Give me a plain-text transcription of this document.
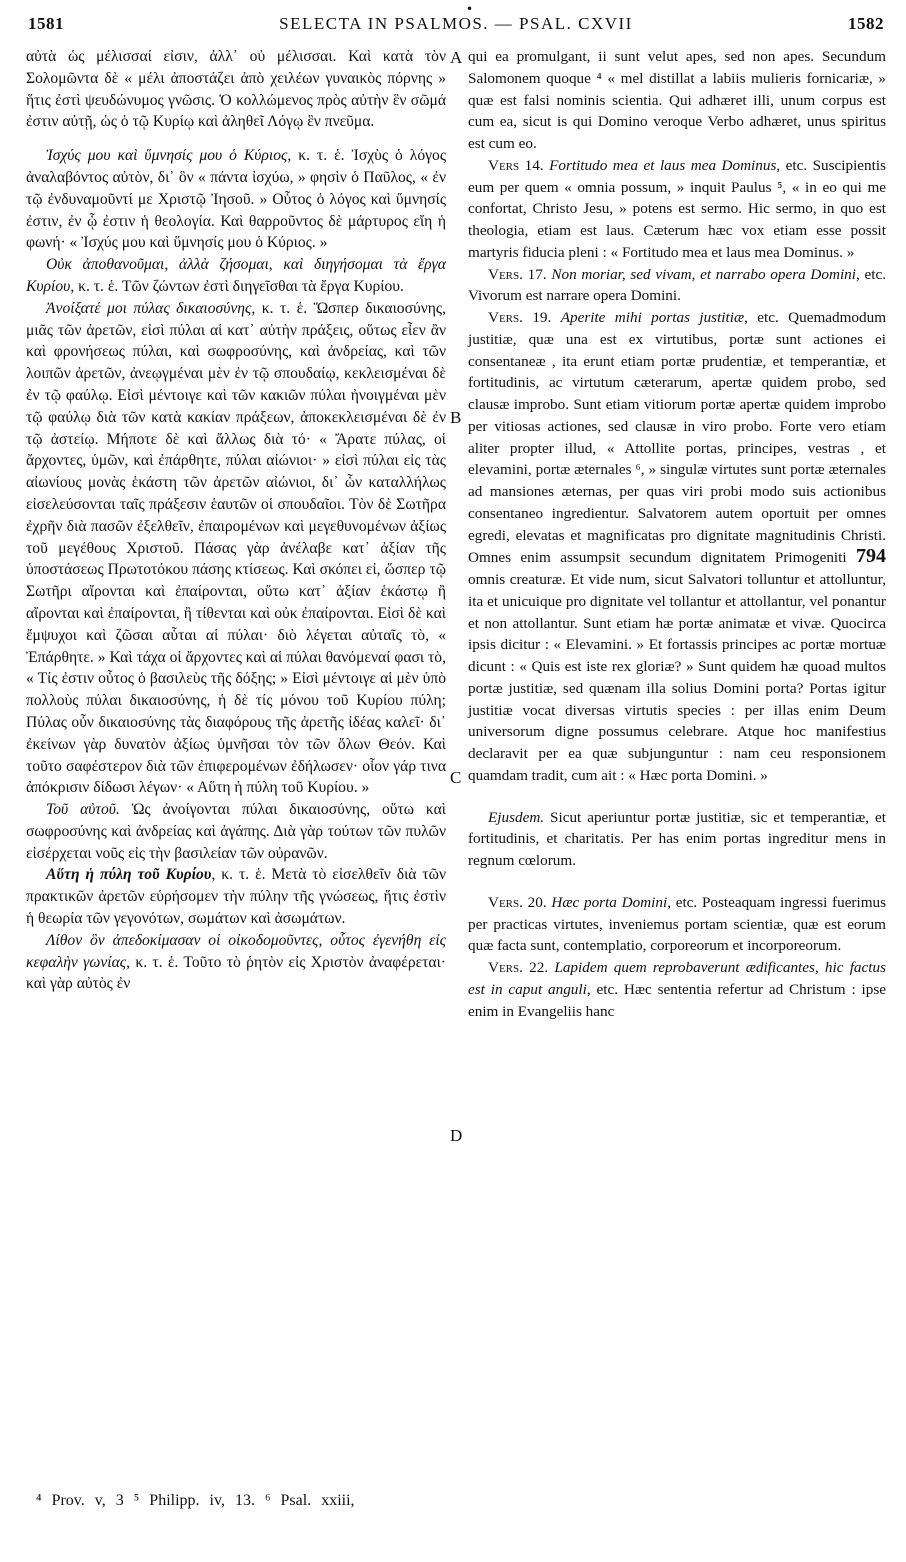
•
1581	SELECTA IN PSALMOS. — PSAL. CXVII	1582
A
B
C
D

αὐτὰ ὡς μέλισσαί εἰσιν, ἀλλ᾽ οὐ μέλισσαι. Καὶ κατὰ τὸν Σολομῶντα δὲ « μέλι ἀποστάζει ἀπὸ χειλέων γυναικὸς πόρνης » ἥτις ἐστὶ ψευδώνυμος γνῶσις. Ὁ κολλώμενος πρὸς αὐτὴν ἓν σῶμά ἐστιν αὐτῇ, ὡς ὁ τῷ Κυρίῳ καὶ ἀληθεῖ Λόγῳ ἓν πνεῦμα.

Ἰσχύς μου καὶ ὕμνησίς μου ὁ Κύριος, κ. τ. ἑ. Ἰσχὺς ὁ λόγος ἀναλαβόντος αὐτὸν, δι᾽ ὃν « πάντα ἰσχύω, » φησὶν ὁ Παῦλος, « ἐν τῷ ἐνδυναμοῦντί με Χριστῷ Ἰησοῦ. » Οὗτος ὁ λόγος καὶ ὕμνησίς ἐστιν, ἐν ᾧ ἐστιν ἡ θεολογία. Καὶ θαρροῦντος δὲ μάρτυρος εἴη ἡ φωνή· « Ἰσχύς μου καὶ ὕμνησίς μου ὁ Κύριος. »

Οὐκ ἀποθανοῦμαι, ἀλλὰ ζήσομαι, καὶ διηγήσομαι τὰ ἔργα Κυρίου, κ. τ. ἑ. Τῶν ζώντων ἐστὶ διηγεῖσθαι τὰ ἔργα Κυρίου.

Ἀνοίξατέ μοι πύλας δικαιοσύνης, κ. τ. ἑ. Ὥσπερ δικαιοσύνης, μιᾶς τῶν ἀρετῶν, εἰσὶ πύλαι αἱ κατ᾽ αὐτὴν πράξεις, οὕτως εἶεν ἂν καὶ φρονήσεως πύλαι, καὶ σωφροσύνης, καὶ ἀνδρείας, καὶ τῶν λοιπῶν ἀρετῶν, ἀνεῳγμέναι μὲν ἐν τῷ σπουδαίῳ, κεκλεισμέναι δὲ ἐν τῷ φαύλῳ. Εἰσὶ μέντοιγε καὶ τῶν κακιῶν πύλαι ἠνοιγμέναι μὲν τῷ φαύλῳ διὰ τῶν κατὰ κακίαν πράξεων, ἀποκεκλεισμέναι δὲ ἐν τῷ ἀστείῳ. Μήποτε δὲ καὶ ἄλλως διὰ τό· « Ἄρατε πύλας, οἱ ἄρχοντες, ὑμῶν, καὶ ἐπάρθητε, πύλαι αἰώνιοι· » εἰσὶ πύλαι εἰς τὰς αἰωνίους μονὰς ἑκάστη τῶν ἀρετῶν αἰώνιοι, δι᾽ ὧν καταλλήλως εἰσελεύσονται ταῖς πράξεσιν ἑαυτῶν οἱ σπουδαῖοι. Τὸν δὲ Σωτῆρα ἐχρῆν διὰ πασῶν ἐξελθεῖν, ἐπαιρομένων καὶ μεγεθυνομένων ἀξίως τοῦ μεγέθους Χριστοῦ. Πάσας γὰρ ἀνέλαβε κατ᾽ ἀξίαν τῆς ὑποστάσεως Πρωτοτόκου πάσης κτίσεως. Καὶ σκόπει εἰ, ὥσπερ τῷ Σωτῆρι αἴρονται καὶ ἐπαίρονται, οὕτω κατ᾽ ἀξίαν ἑκάστῳ ἢ αἴρονται καὶ ἐπαίρονται, ἢ τίθενται καὶ οὐκ ἐπαίρονται. Εἰσὶ δὲ καὶ ἔμψυχοι καὶ ζῶσαι αὗται αἱ πύλαι· διὸ λέγεται αὐταῖς τὸ, « Ἐπάρθητε. » Καὶ τάχα οἱ ἄρχοντες καὶ αἱ πύλαι θανόμεναί φασι τὸ, « Τίς ἐστιν οὗτος ὁ βασιλεὺς τῆς δόξης; » Εἰσὶ μέντοιγε αἱ μὲν ὑπὸ πολλοὺς πύλαι δικαιοσύνης, ἡ δὲ τίς μόνου τοῦ Κυρίου πύλη; Πύλας οὖν δικαιοσύνης τὰς διαφόρους τῆς ἀρετῆς ἰδέας καλεῖ· δι᾽ ἐκείνων γὰρ δυνατὸν ἀξίως ὑμνῆσαι τὸν τῶν ὅλων Θεόν. Καὶ τοῦτο σαφέστερον διὰ τῶν ἐπιφερομένων ἐδήλωσεν· οἷον γάρ τινα ἀπόκρισιν δίδωσι λέγων· « Αὕτη ἡ πύλη τοῦ Κυρίου. »

Τοῦ αὐτοῦ. Ὡς ἀνοίγονται πύλαι δικαιοσύνης, οὕτω καὶ σωφροσύνης καὶ ἀνδρείας καὶ ἀγάπης. Διὰ γὰρ τούτων τῶν πυλῶν εἰσέρχεται νοῦς εἰς τὴν βασιλείαν τῶν οὐρανῶν.

Αὕτη ἡ πύλη τοῦ Κυρίου, κ. τ. ἑ. Μετὰ τὸ εἰσελθεῖν διὰ τῶν πρακτικῶν ἀρετῶν εὑρήσομεν τὴν πύλην τῆς γνώσεως, ἥτις ἐστὶν ἡ θεωρία τῶν γεγονότων, σωμάτων καὶ ἀσωμάτων.

Λίθον ὃν ἀπεδοκίμασαν οἱ οἰκοδομοῦντες, οὗτος ἐγενήθη εἰς κεφαλὴν γωνίας, κ. τ. ἑ. Τοῦτο τὸ ῥητὸν εἰς Χριστὸν ἀναφέρεται· καὶ γὰρ αὐτὸς ἐν

qui ea promulgant, ii sunt velut apes, sed non apes. Secundum Salomonem quoque ⁴ « mel distillat a labiis mulieris fornicariæ, » quæ est falsi nominis scientia. Qui adhæret illi, unum corpus est cum ea, sicut is qui Domino veroque Verbo adhæret, unus spiritus est cum eo.

Vers 14. Fortitudo mea et laus mea Dominus, etc. Suscipientis eum per quem « omnia possum, » inquit Paulus ⁵, « in eo qui me confortat, Christo Jesu, » potens est sermo. Hic sermo, in quo est theologia, etiam est laus. Cæterum hæc vox etiam esse possit martyris fiducia pleni : « Fortitudo mea et laus mea Dominus. »

Vers. 17. Non moriar, sed vivam, et narrabo opera Domini, etc. Vivorum est narrare opera Domini.

Vers. 19. Aperite mihi portas justitiæ, etc. Quemadmodum justitiæ, quæ una est ex virtutibus, portæ sunt actiones ei consentaneæ , ita erunt etiam portæ prudentiæ, et temperantiæ, et fortitudinis, ac virtutum cæterarum, apertæ quidem probo, sed clausæ improbo. Sunt etiam vitiorum portæ apertæ quidem improbo per vitiosas actiones, sed clausæ in viro probo. Forte vero etiam aliter propter illud, « Attollite portas, principes, vestras , et elevamini, portæ æternales ⁶, » singulæ virtutes sunt portæ æternales ad mansiones æternas, per quas viri probi modo suis actionibus consentaneo ingredientur. Salvatorem autem oportuit per omnes egredi, elevatas et magnificatas pro dignitate magnitudinis Christi. Omnes enim assumpsit secundum dignitatem Primogeniti 794 omnis creaturæ. Et vide num, sicut Salvatori tolluntur et attolluntur, ita et unicuique pro dignitate vel tollantur et attollantur, vel ponantur et non attollantur. Sunt etiam hæ portæ animatæ et vivæ. Quocirca ipsis dicitur : « Elevamini. » Et fortassis principes ac portæ mortuæ dicunt : « Quis est iste rex gloriæ? » Sunt quidem hæ quoad multos portæ justitiæ, sed quænam illa solius Domini porta? Portas igitur justitiæ vocat diversas virtutis species : per illas enim Deum universorum digne possumus celebrare. Atque hoc manifestius declaravit per ea quæ subjunguntur : nam ceu responsionem quamdam tradit, cum ait : « Hæc porta Domini. »

Ejusdem. Sicut aperiuntur portæ justitiæ, sic et temperantiæ, et fortitudinis, et charitatis. Per has enim portas ingreditur mens in regnum cœlorum.

Vers. 20. Hæc porta Domini, etc. Posteaquam ingressi fuerimus per practicas virtutes, inveniemus portam scientiæ, quæ est eorum quæ facta sunt, contemplatio, corporeorum et incorporeorum.

Vers. 22. Lapidem quem reprobaverunt ædificantes, hic factus est in caput anguli, etc. Hæc sententia refertur ad Christum : ipse enim in Evangeliis hanc

⁴ Prov. v, 3 ⁵ Philipp. iv, 13. ⁶ Psal. xxiii,
